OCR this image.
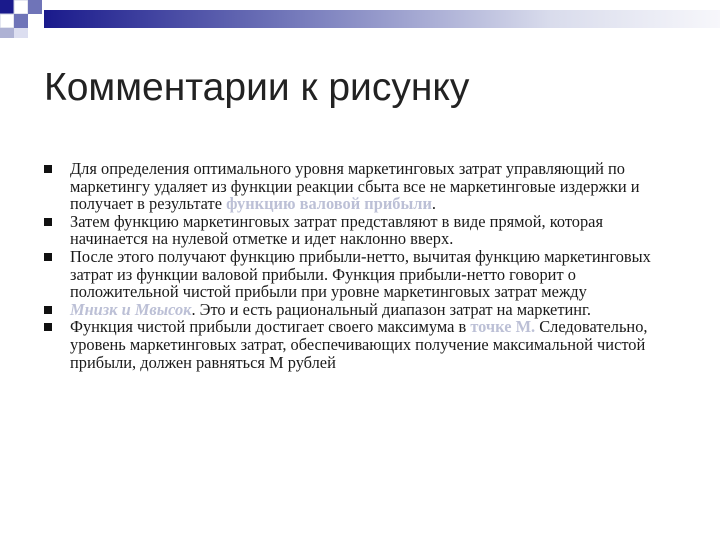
Комментарии к рисунку
Для определения оптимального уровня маркетинговых затрат управляющий по маркетингу удаляет из функции реакции сбыта все не маркетинговые издержки и получает в результате функцию валовой прибыли.
Затем функцию маркетинговых затрат представляют в виде прямой, которая начинается на нулевой отметке и идет наклонно вверх.
После этого получают функцию прибыли-нетто, вычитая функцию маркетинговых затрат из функции валовой прибыли. Функция прибыли-нетто говорит о положительной чистой прибыли при уровне маркетинговых затрат между
Мнизк и Мвысок. Это и есть рациональный диапазон затрат на маркетинг.
Функция чистой прибыли достигает своего максимума в точке М. Следовательно, уровень маркетинговых затрат, обеспечивающих получение максимальной чистой прибыли, должен равняться М рублей
